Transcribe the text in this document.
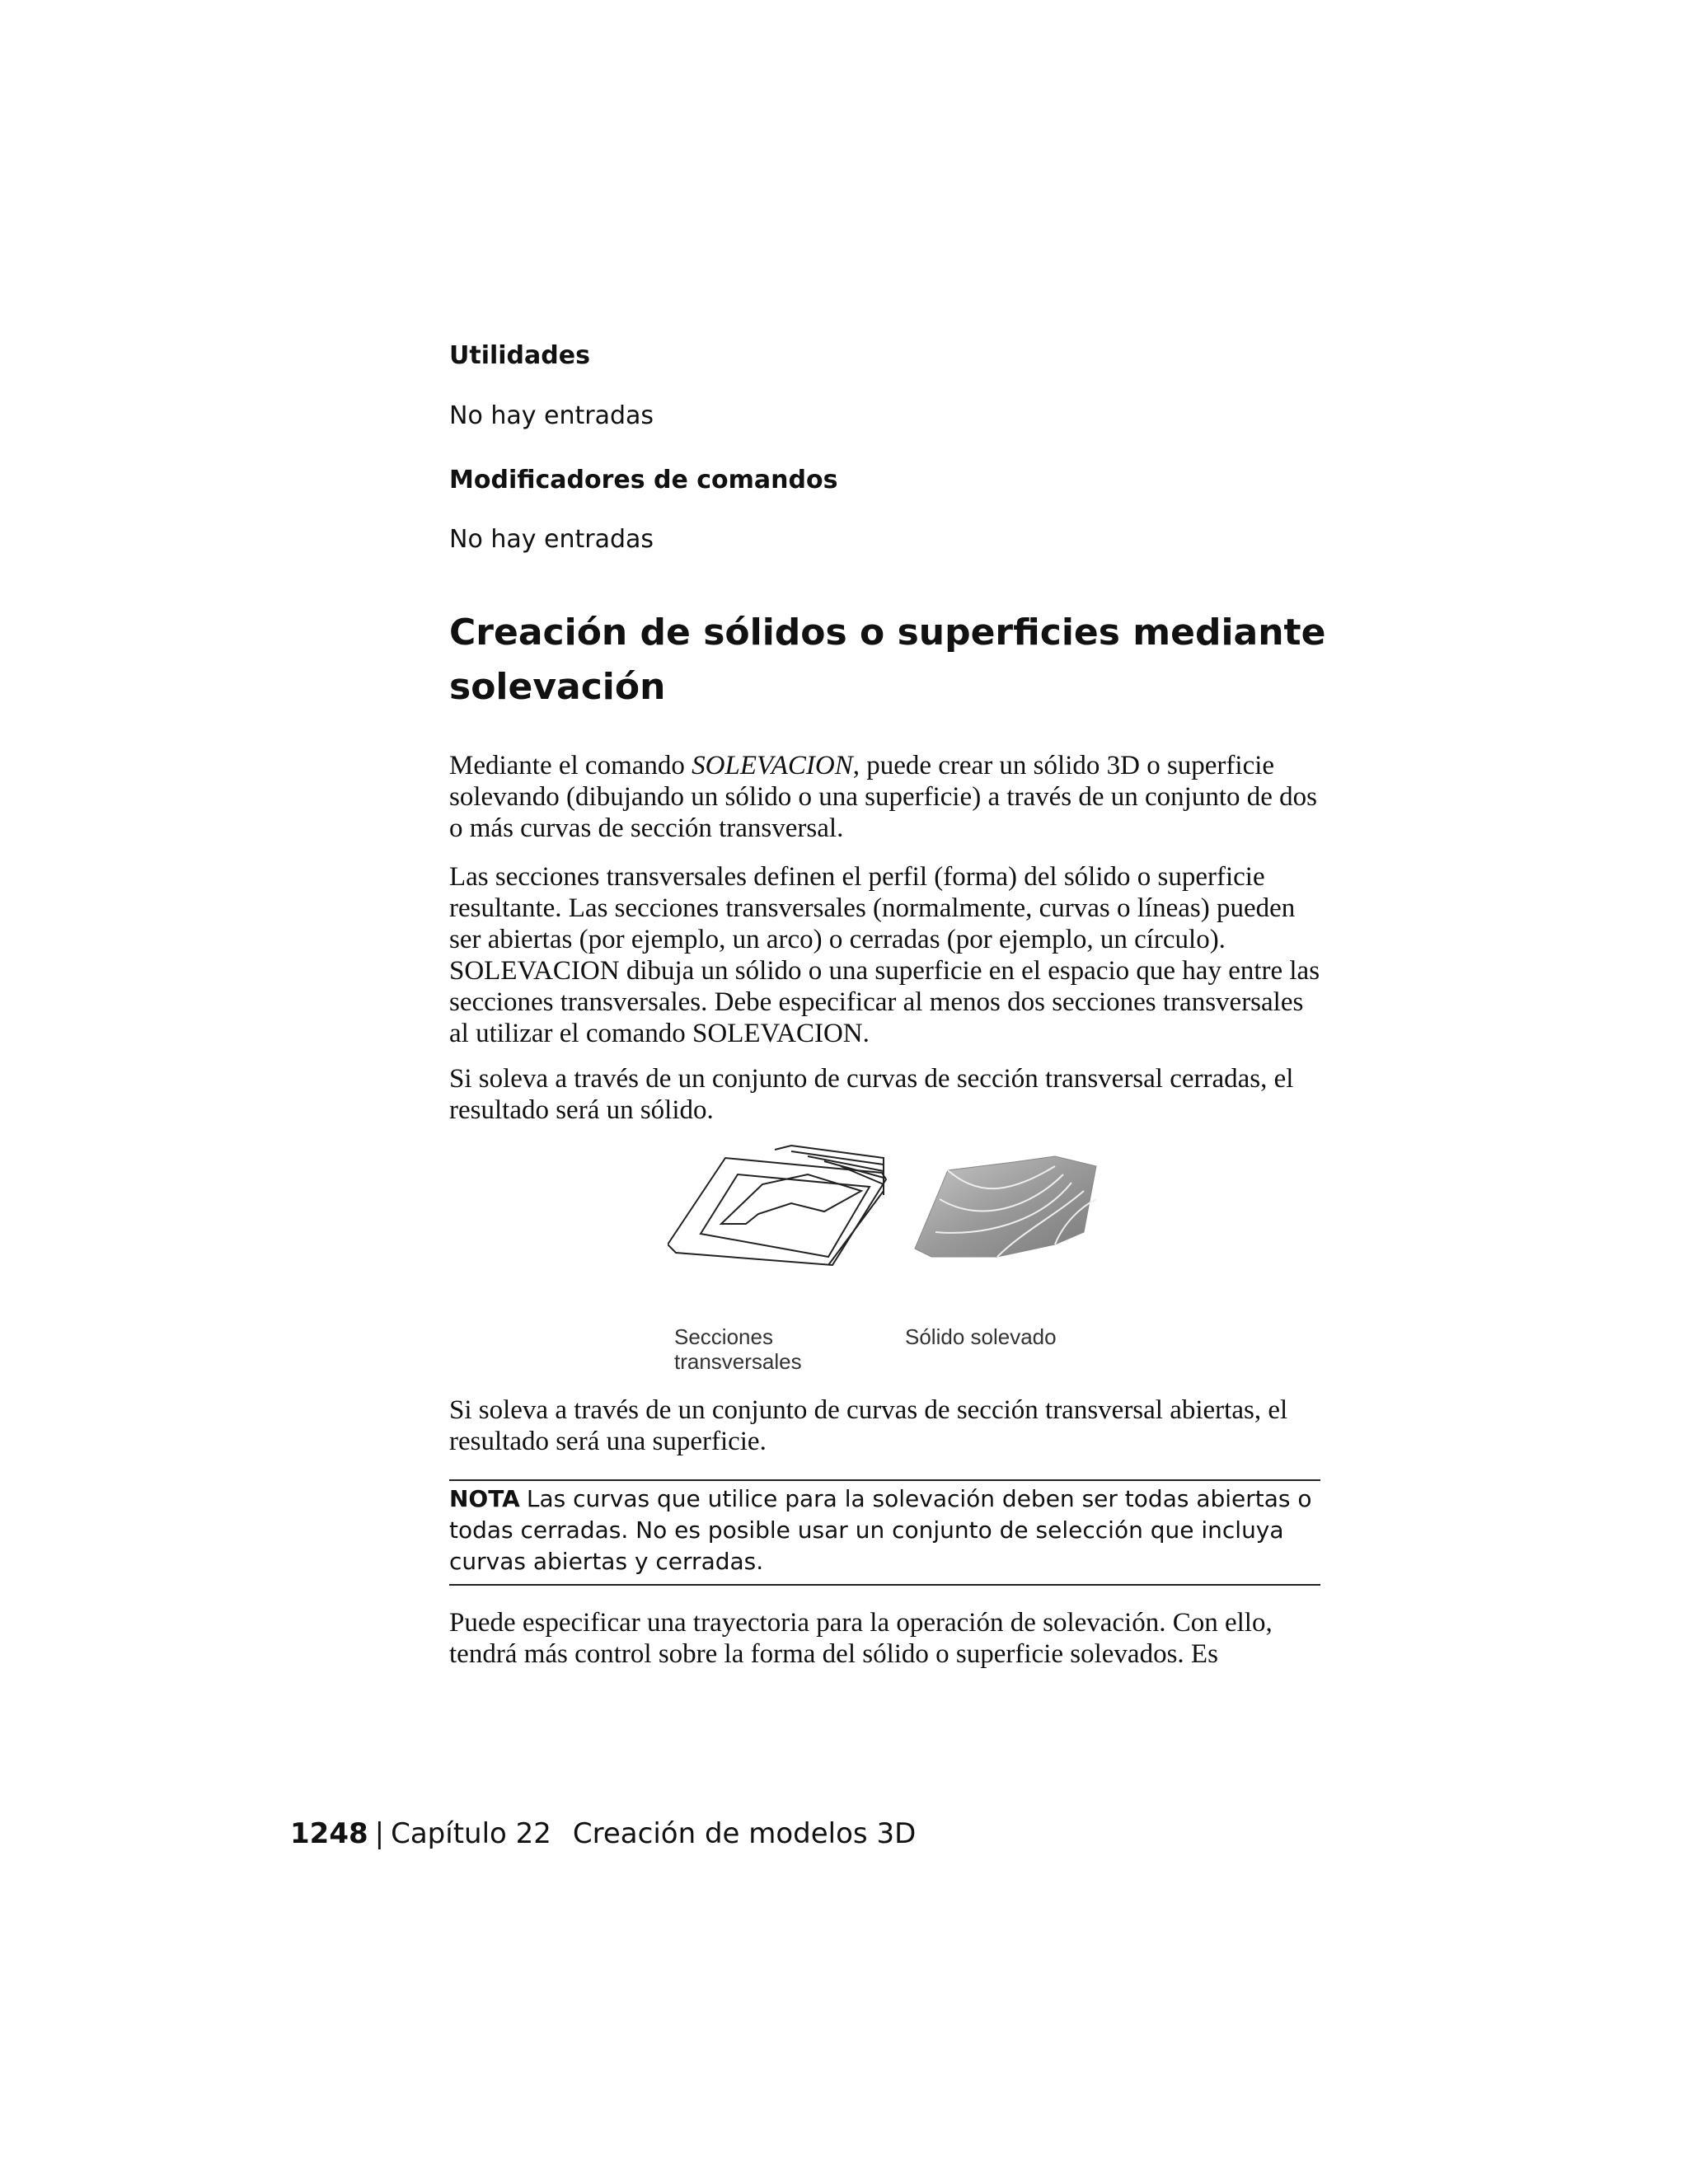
Utilidades
No hay entradas
Modificadores de comandos
No hay entradas
Creación de sólidos o superficies mediante solevación
Mediante el comando SOLEVACION, puede crear un sólido 3D o superficie solevando (dibujando un sólido o una superficie) a través de un conjunto de dos o más curvas de sección transversal.
Las secciones transversales definen el perfil (forma) del sólido o superficie resultante. Las secciones transversales (normalmente, curvas o líneas) pueden ser abiertas (por ejemplo, un arco) o cerradas (por ejemplo, un círculo). SOLEVACION dibuja un sólido o una superficie en el espacio que hay entre las secciones transversales. Debe especificar al menos dos secciones transversales al utilizar el comando SOLEVACION.
Si soleva a través de un conjunto de curvas de sección transversal cerradas, el resultado será un sólido.
Secciones
transversales
Sólido solevado
Si soleva a través de un conjunto de curvas de sección transversal abiertas, el resultado será una superficie.
NOTA Las curvas que utilice para la solevación deben ser todas abiertas o todas cerradas. No es posible usar un conjunto de selección que incluya curvas abiertas y cerradas.
Puede especificar una trayectoria para la operación de solevación. Con ello, tendrá más control sobre la forma del sólido o superficie solevados. Es
1248 | Capítulo 22 Creación de modelos 3D
